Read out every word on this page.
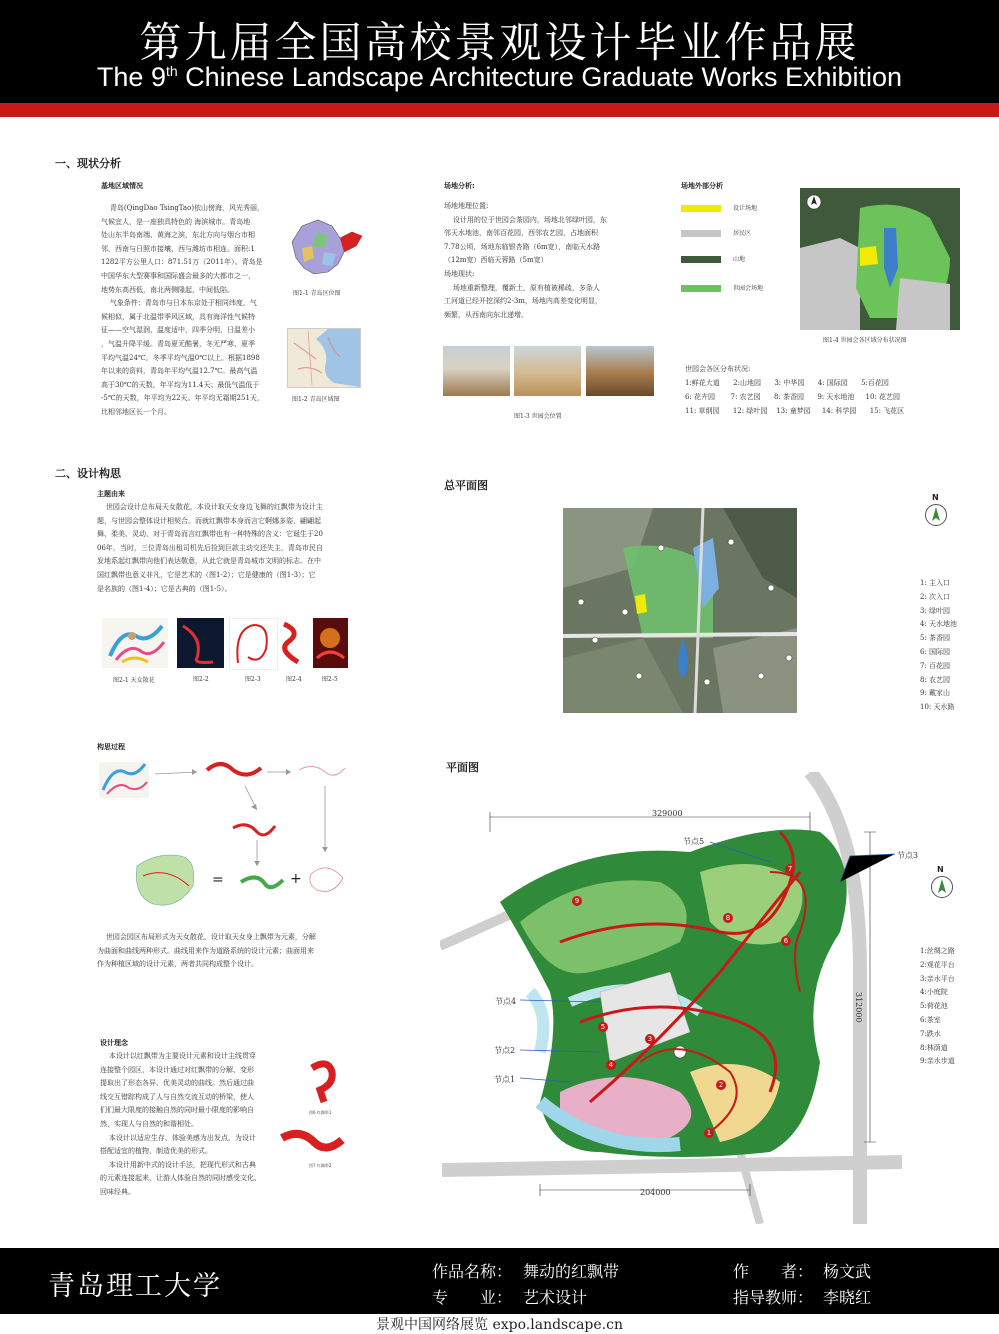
第九届全国高校景观设计毕业作品展
The 9th Chinese Landscape Architecture Graduate Works Exhibition
一、现状分析
基地区域情况
青岛(QingDao TsingTao)依山傍海，风光秀丽，
气候宜人，是一座独具特色的 海滨城市。青岛地
处山东半岛南端、黄海之滨，东北方向与烟台市相
邻，西南与日照市接壤，西与潍坊市相连。面积:1
1282平方公里人口：871.51万（2011年）。青岛是
中国华东大型赛事和国际盛会最多的大都市之一，
地势东高西低，南北两侧隆起，中间低陷。
气象条件：青岛市与日本东京处于相同纬度，气
候相似，属于北温带季风区域，具有海洋性气候特
征——空气湿润，温度适中，四季分明，日温差小
，气温升降平缓。青岛夏无酷暑，冬无严寒，夏季
平均气温24℃，冬季平均气温0℃以上。根据1898
年以来的资料，青岛年平均气温12.7℃。最高气温
高于30℃的天数，年平均为11.4天；最低气温低于
-5℃的天数，年平均为22天。年平均无霜期251天，
比相邻地区长一个月。
图1-1 青岛区位图
图1-2 青岛区域图
场地分析:
场地地理位置:
设计用的位于世园会茶园内，场地北邻绿叶园，东
邻天水地池，南邻百花园，西邻农艺园，占地面积
7.78公顷，场地东临银杏路（6m宽），南临天水路
（12m宽）西临天蓉路（5m宽）
场地现状:
场地重新整理，覆新土，原有植被稀疏，多条人
工河道已经开挖深约2-3m，场地内高差变化明显，
频繁，从西南向东北递增。
图1-3 世园会位置
场地外部分析
设计场地
居民区
山地
世园会场地
图1-4 世园会各区域分布状况图
世园会各区分布状况:
1:鲜花大道      2:山地园      3: 中华园      4: 国际园      5:百花园
6: 花卉园       7: 农艺园      8: 茶香园      9: 天水地池     10: 花艺园
11: 草纲园      12: 绿叶园    13: 童梦园     14: 科学园      15: 飞花区
二、设计构思
主题由来
世园会设计总布局天女散花，本设计取天女身边飞舞的红飘带为设计主
题，与世园会整体设计相契合。而就红飘带本身而言它婀娜多姿，翩翩起
舞、柔美、灵动，对于青岛而言红飘带也有一种特殊的含义：它诞生于20
06年，当时，三位青岛出租司机先后捡到巨款主动交还失主，青岛市民自
发地系起红飘带向他们表达敬意，从此它就是青岛城市文明的标志。在中
国红飘带也意义非凡，它是艺术的（图1-2）；它是健康的（图1-3）；它
是名族的（图1-4）；它是古典的（图1-5）。
图2-1 天女散花	图2-2	图2-3	图2-4	图2-5
构思过程
=	+
世园会园区布局形式为天女散花，设计取天女身上飘带为元素，分解
为曲面和曲线两种形式。曲线用来作为道路系统的设计元素；曲面用来
作为种植区域的设计元素，两者共同构成整个设计。
设计理念
本设计以红飘带为主要设计元素和设计主线贯穿
连接整个园区，本设计通过对红飘带的分解、变形
提取出了形态各异、优美灵动的曲线。然后通过曲
线交互错踪构成了人与自然交流互动的桥梁，使人
们们最大限度的接触自然的同时最小限度的影响自
然，实现人与自然的和谐相处。
本设计以适应生存、体验美感为出发点，为设计
搭配适宜的植物，制造优美的形式。
本设计用新中式的设计手法，把现代形式和古典
的元素连接起来，让游人体验自然的同时感受文化、
回味经典。
图6 红飘带1
图7 红飘带2
总平面图
N
1: 主入口
2: 次入口
3: 绿叶园
4: 天水地池
5: 茶香园
6: 国际园
7: 百花园
8: 农艺园
9: 戴家山
10: 天水路
平面图
329000
204000
312000
节点5
节点3
节点4
节点2
节点1
N
1:丝绸之路
2:观花平台
3:亲水平台
4:小庭院
5:荷花池
6:茶室
7:跌水
8:林荫道
9:亲水步道
1
2
3
4
5
6
7
8
9
青岛理工大学	作品名称： 舞动的红飘带	作　　者： 杨文武
专　　业： 艺术设计	指导教师： 李晓红
景观中国网络展览 expo.landscape.cn
